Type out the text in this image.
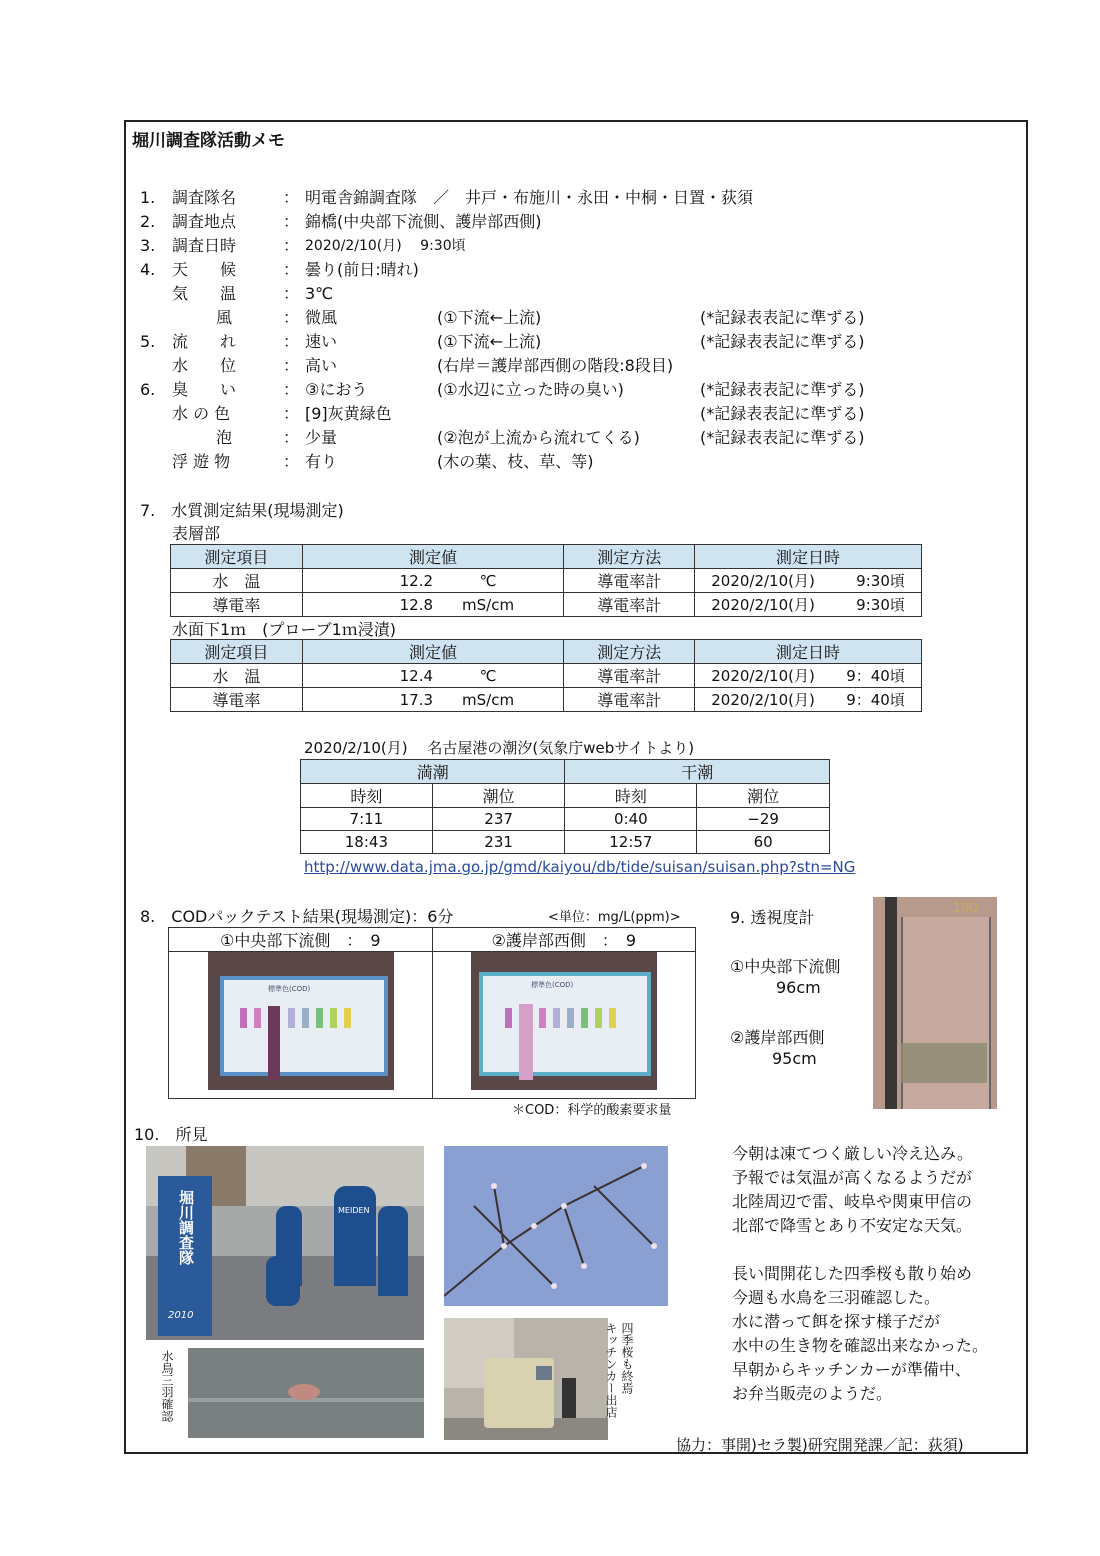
堀川調査隊活動メモ
1. 調査隊名	： 明電舎錦調査隊　／　井戸・布施川・永田・中桐・日置・荻須
2. 調査地点	： 錦橋(中央部下流側、護岸部西側)
3. 調査日時	： 2020/2/10(月)　 9:30頃
4. 天　　候	： 曇り(前日:晴れ)
気　　温	： 3℃
風	： 微風	(①下流←上流)	(*記録表表記に準ずる)
5. 流　　れ	： 速い	(①下流←上流)	(*記録表表記に準ずる)
水　　位	： 高い	(右岸＝護岸部西側の階段:8段目)
6. 臭　　い	： ③におう	(①水辺に立った時の臭い)	(*記録表表記に準ずる)
水 の 色	： [9]灰黄緑色	(*記録表表記に準ずる)
泡	： 少量	(②泡が上流から流れてくる)	(*記録表表記に準ずる)
浮 遊 物	： 有り	(木の葉、枝、草、等)
7.　水質測定結果(現場測定)
表層部
測定項目	測定値	測定方法	測定日時
水　温	12.2 ℃	導電率計	2020/2/10(月) 9:30頃
導電率	12.8 mS/cm	導電率計	2020/2/10(月) 9:30頃
水面下1ｍ　(プローブ1ｍ浸漬)
測定項目	測定値	測定方法	測定日時
水　温	12.4 ℃	導電率計	2020/2/10(月) 9：40頃
導電率	17.3 mS/cm	導電率計	2020/2/10(月) 9：40頃
2020/2/10(月)　 名古屋港の潮汐(気象庁webサイトより)
満潮		干潮	
時刻	潮位	時刻	潮位
7:11	237	0:40	−29
18:43	231	12:57	60
http://www.data.jma.go.jp/gmd/kaiyou/db/tide/suisan/suisan.php?stn=NG
8.　CODパックテスト結果(現場測定)：6分	<単位：mg/L(ppm)>
①中央部下流側　：　9	②護岸部西側　：　9

標準色(COD)	標準色(COD)
＊COD：科学的酸素要求量
9. 透視度計
①中央部下流側
96cm
②護岸部西側
95cm
100
10.　所見
堀川調査隊
2010
MEIDEN
水鳥三羽確認	四季桜も終焉
キッチンカー出店

今朝は凍てつく厳しい冷え込み。

予報では気温が高くなるようだが

北陸周辺で雷、岐阜や関東甲信の

北部で降雪とあり不安定な天気。

長い間開花した四季桜も散り始め

今週も水鳥を三羽確認した。

水に潜って餌を探す様子だが

水中の生き物を確認出来なかった。

早朝からキッチンカーが準備中、

お弁当販売のようだ。

協力：事開)セラ製)研究開発課／記：荻須)
